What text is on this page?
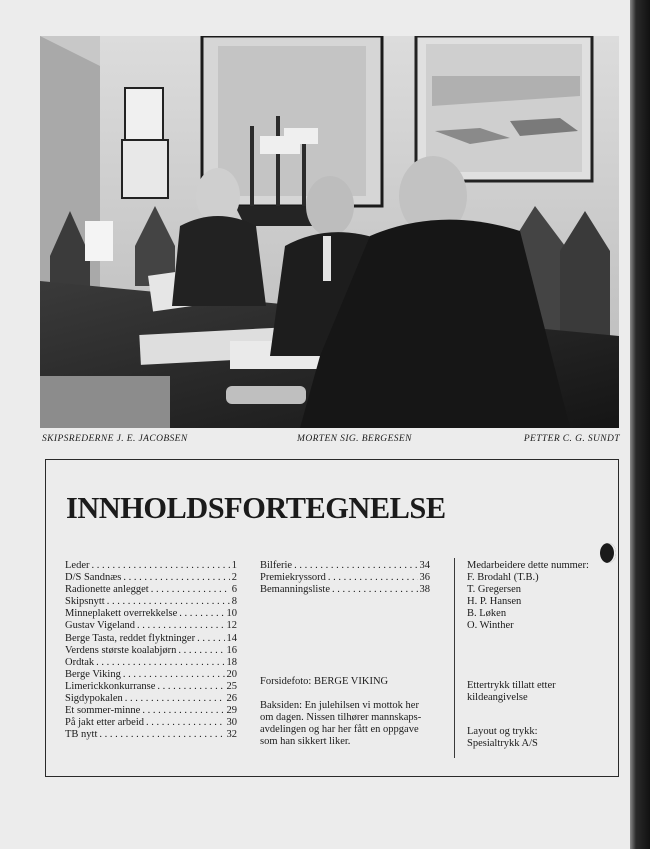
SKIPSREDERNE J. E. JACOBSEN	MORTEN SIG. BERGESEN	PETTER C. G. SUNDT
INNHOLDSFORTEGNELSE
Leder . . .	1
D/S Sandnæs . . .	2
Radionette anlegget . . .	6
Skipsnytt . . .	8
Minneplakett overrekkelse . . .	10
Gustav Vigeland . . .	12
Berge Tasta, reddet flyktninger . . .	14
Verdens største koalabjørn . . .	16
Ordtak . . .	18
Berge Viking . . .	20
Limerickkonkurranse . . .	25
Sigdypokalen . . .	26
Et sommer-minne . . .	29
På jakt etter arbeid . . .	30
TB nytt . . .	32
Bilferie . . .	34
Premiekryssord . . .	36
Bemanningsliste . . .	38
Medarbeidere dette nummer:
F. Brodahl (T.B.)
T. Gregersen
H. P. Hansen
B. Løken
O. Winther
Forsidefoto: BERGE VIKING
Baksiden: En julehilsen vi mottok her
om dagen. Nissen tilhører mannskaps-
avdelingen og har her fått en oppgave
som han sikkert liker.
Ettertrykk tillatt etter
kildeangivelse
Layout og trykk:
Spesialtrykk A/S
